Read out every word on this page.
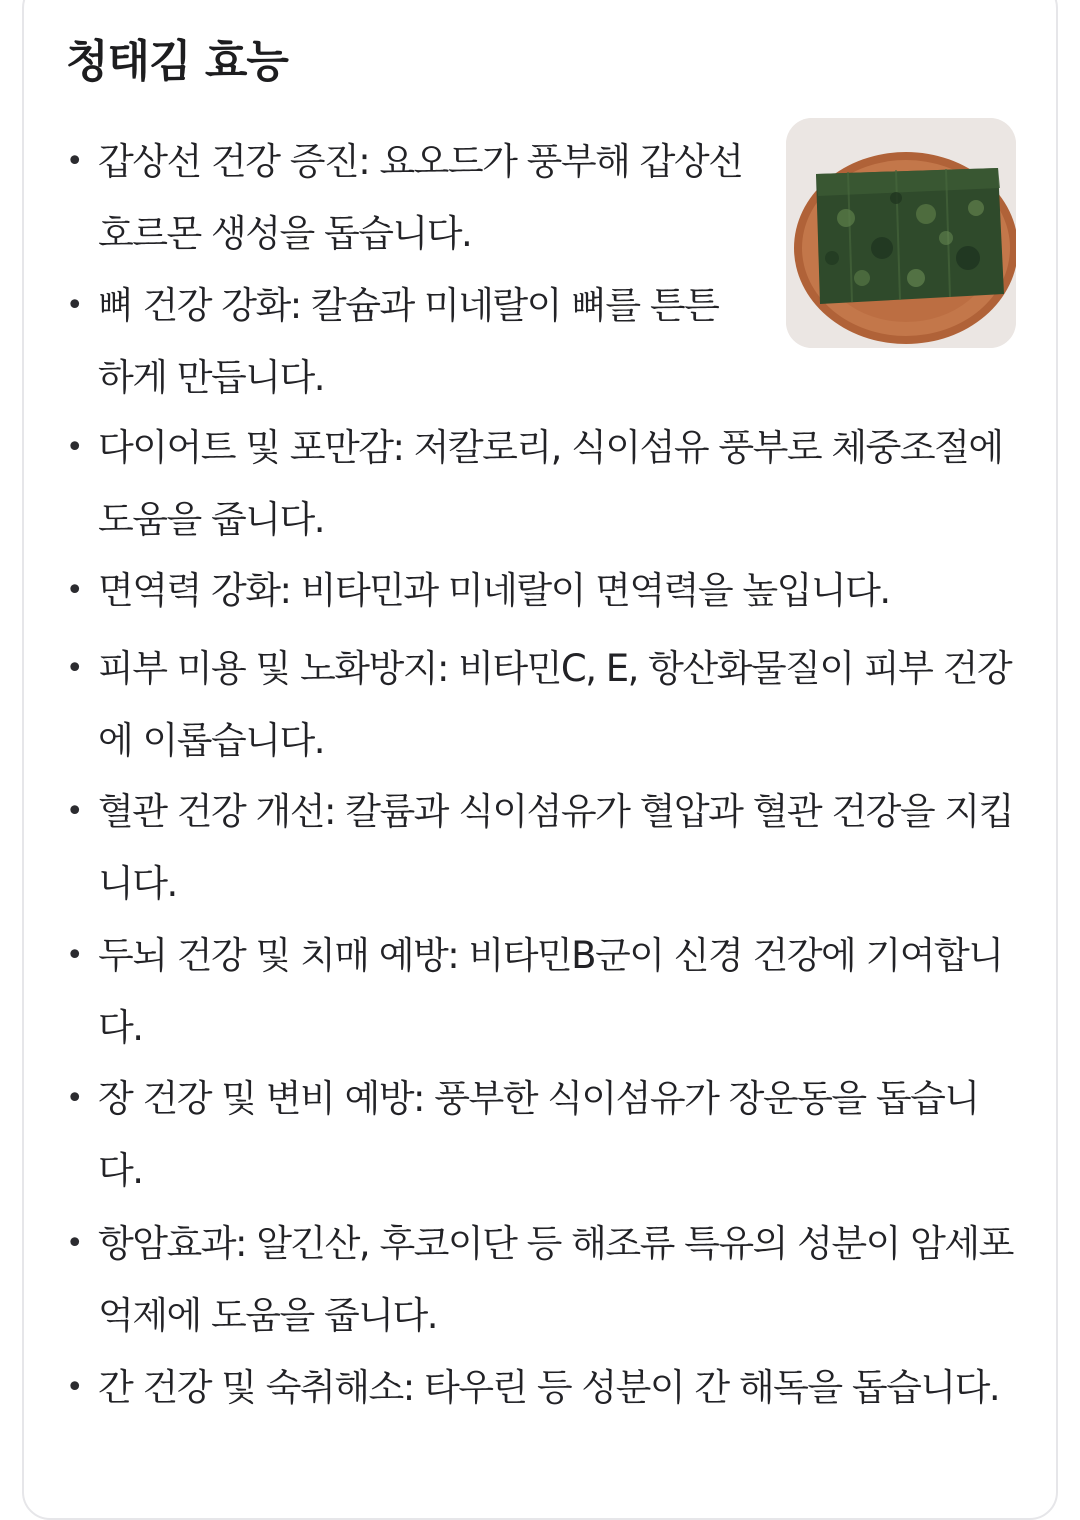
청태김 효능
• 갑상선 건강 증진: 요오드가 풍부해 갑상선 호르몬 생성을 돕습니다.
• 뼈 건강 강화: 칼슘과 미네랄이 뼈를 튼튼하게 만듭니다.
• 다이어트 및 포만감: 저칼로리, 식이섬유 풍부로 체중조절에 도움을 줍니다.
• 면역력 강화: 비타민과 미네랄이 면역력을 높입니다.
• 피부 미용 및 노화방지: 비타민C, E, 항산화물질이 피부 건강에 이롭습니다.
• 혈관 건강 개선: 칼륨과 식이섬유가 혈압과 혈관 건강을 지킵니다.
• 두뇌 건강 및 치매 예방: 비타민B군이 신경 건강에 기여합니다.
• 장 건강 및 변비 예방: 풍부한 식이섬유가 장운동을 돕습니다.
• 항암효과: 알긴산, 후코이단 등 해조류 특유의 성분이 암세포 억제에 도움을 줍니다.
• 간 건강 및 숙취해소: 타우린 등 성분이 간 해독을 돕습니다.
